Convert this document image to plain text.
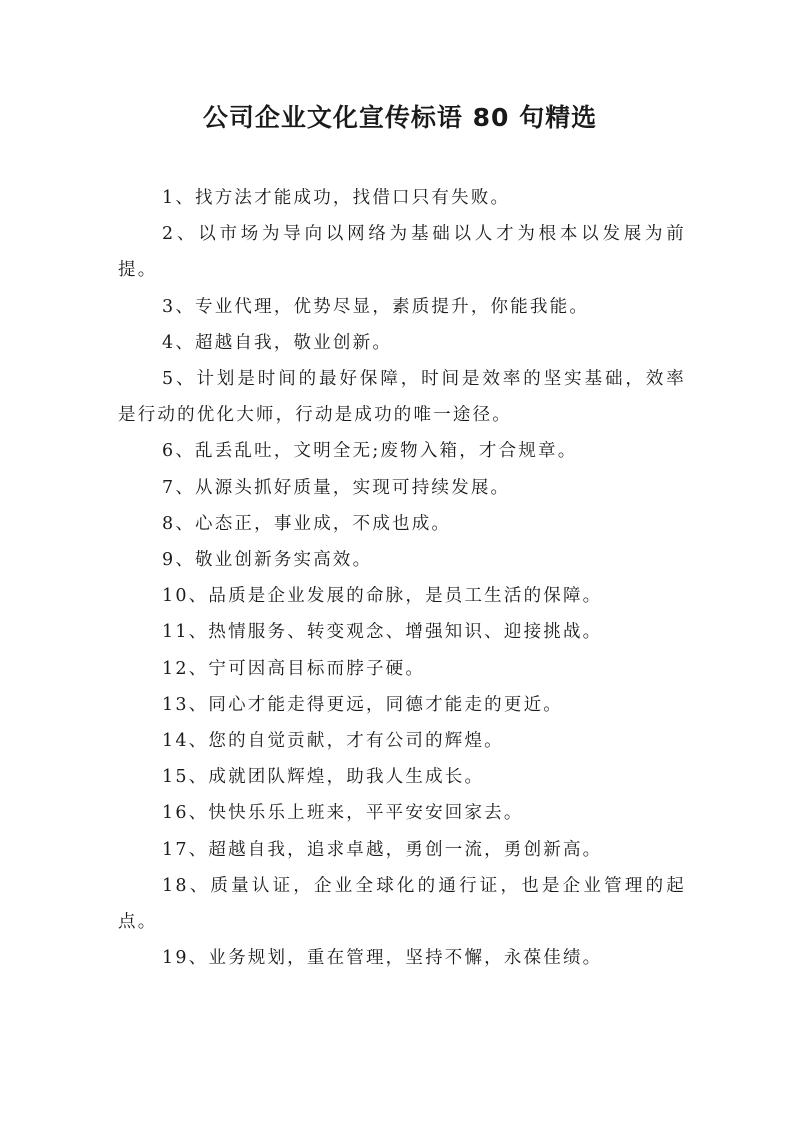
公司企业文化宣传标语 80 句精选

1、找方法才能成功，找借口只有失败。

2、以市场为导向以网络为基础以人才为根本以发展为前提。

3、专业代理，优势尽显，素质提升，你能我能。

4、超越自我，敬业创新。

5、计划是时间的最好保障，时间是效率的坚实基础，效率是行动的优化大师，行动是成功的唯一途径。

6、乱丢乱吐，文明全无;废物入箱，才合规章。

7、从源头抓好质量，实现可持续发展。

8、心态正，事业成，不成也成。

9、敬业创新务实高效。

10、品质是企业发展的命脉，是员工生活的保障。

11、热情服务、转变观念、增强知识、迎接挑战。

12、宁可因高目标而脖子硬。

13、同心才能走得更远，同德才能走的更近。

14、您的自觉贡献，才有公司的辉煌。

15、成就团队辉煌，助我人生成长。

16、快快乐乐上班来，平平安安回家去。

17、超越自我，追求卓越，勇创一流，勇创新高。

18、质量认证，企业全球化的通行证，也是企业管理的起点。

19、业务规划，重在管理，坚持不懈，永葆佳绩。
